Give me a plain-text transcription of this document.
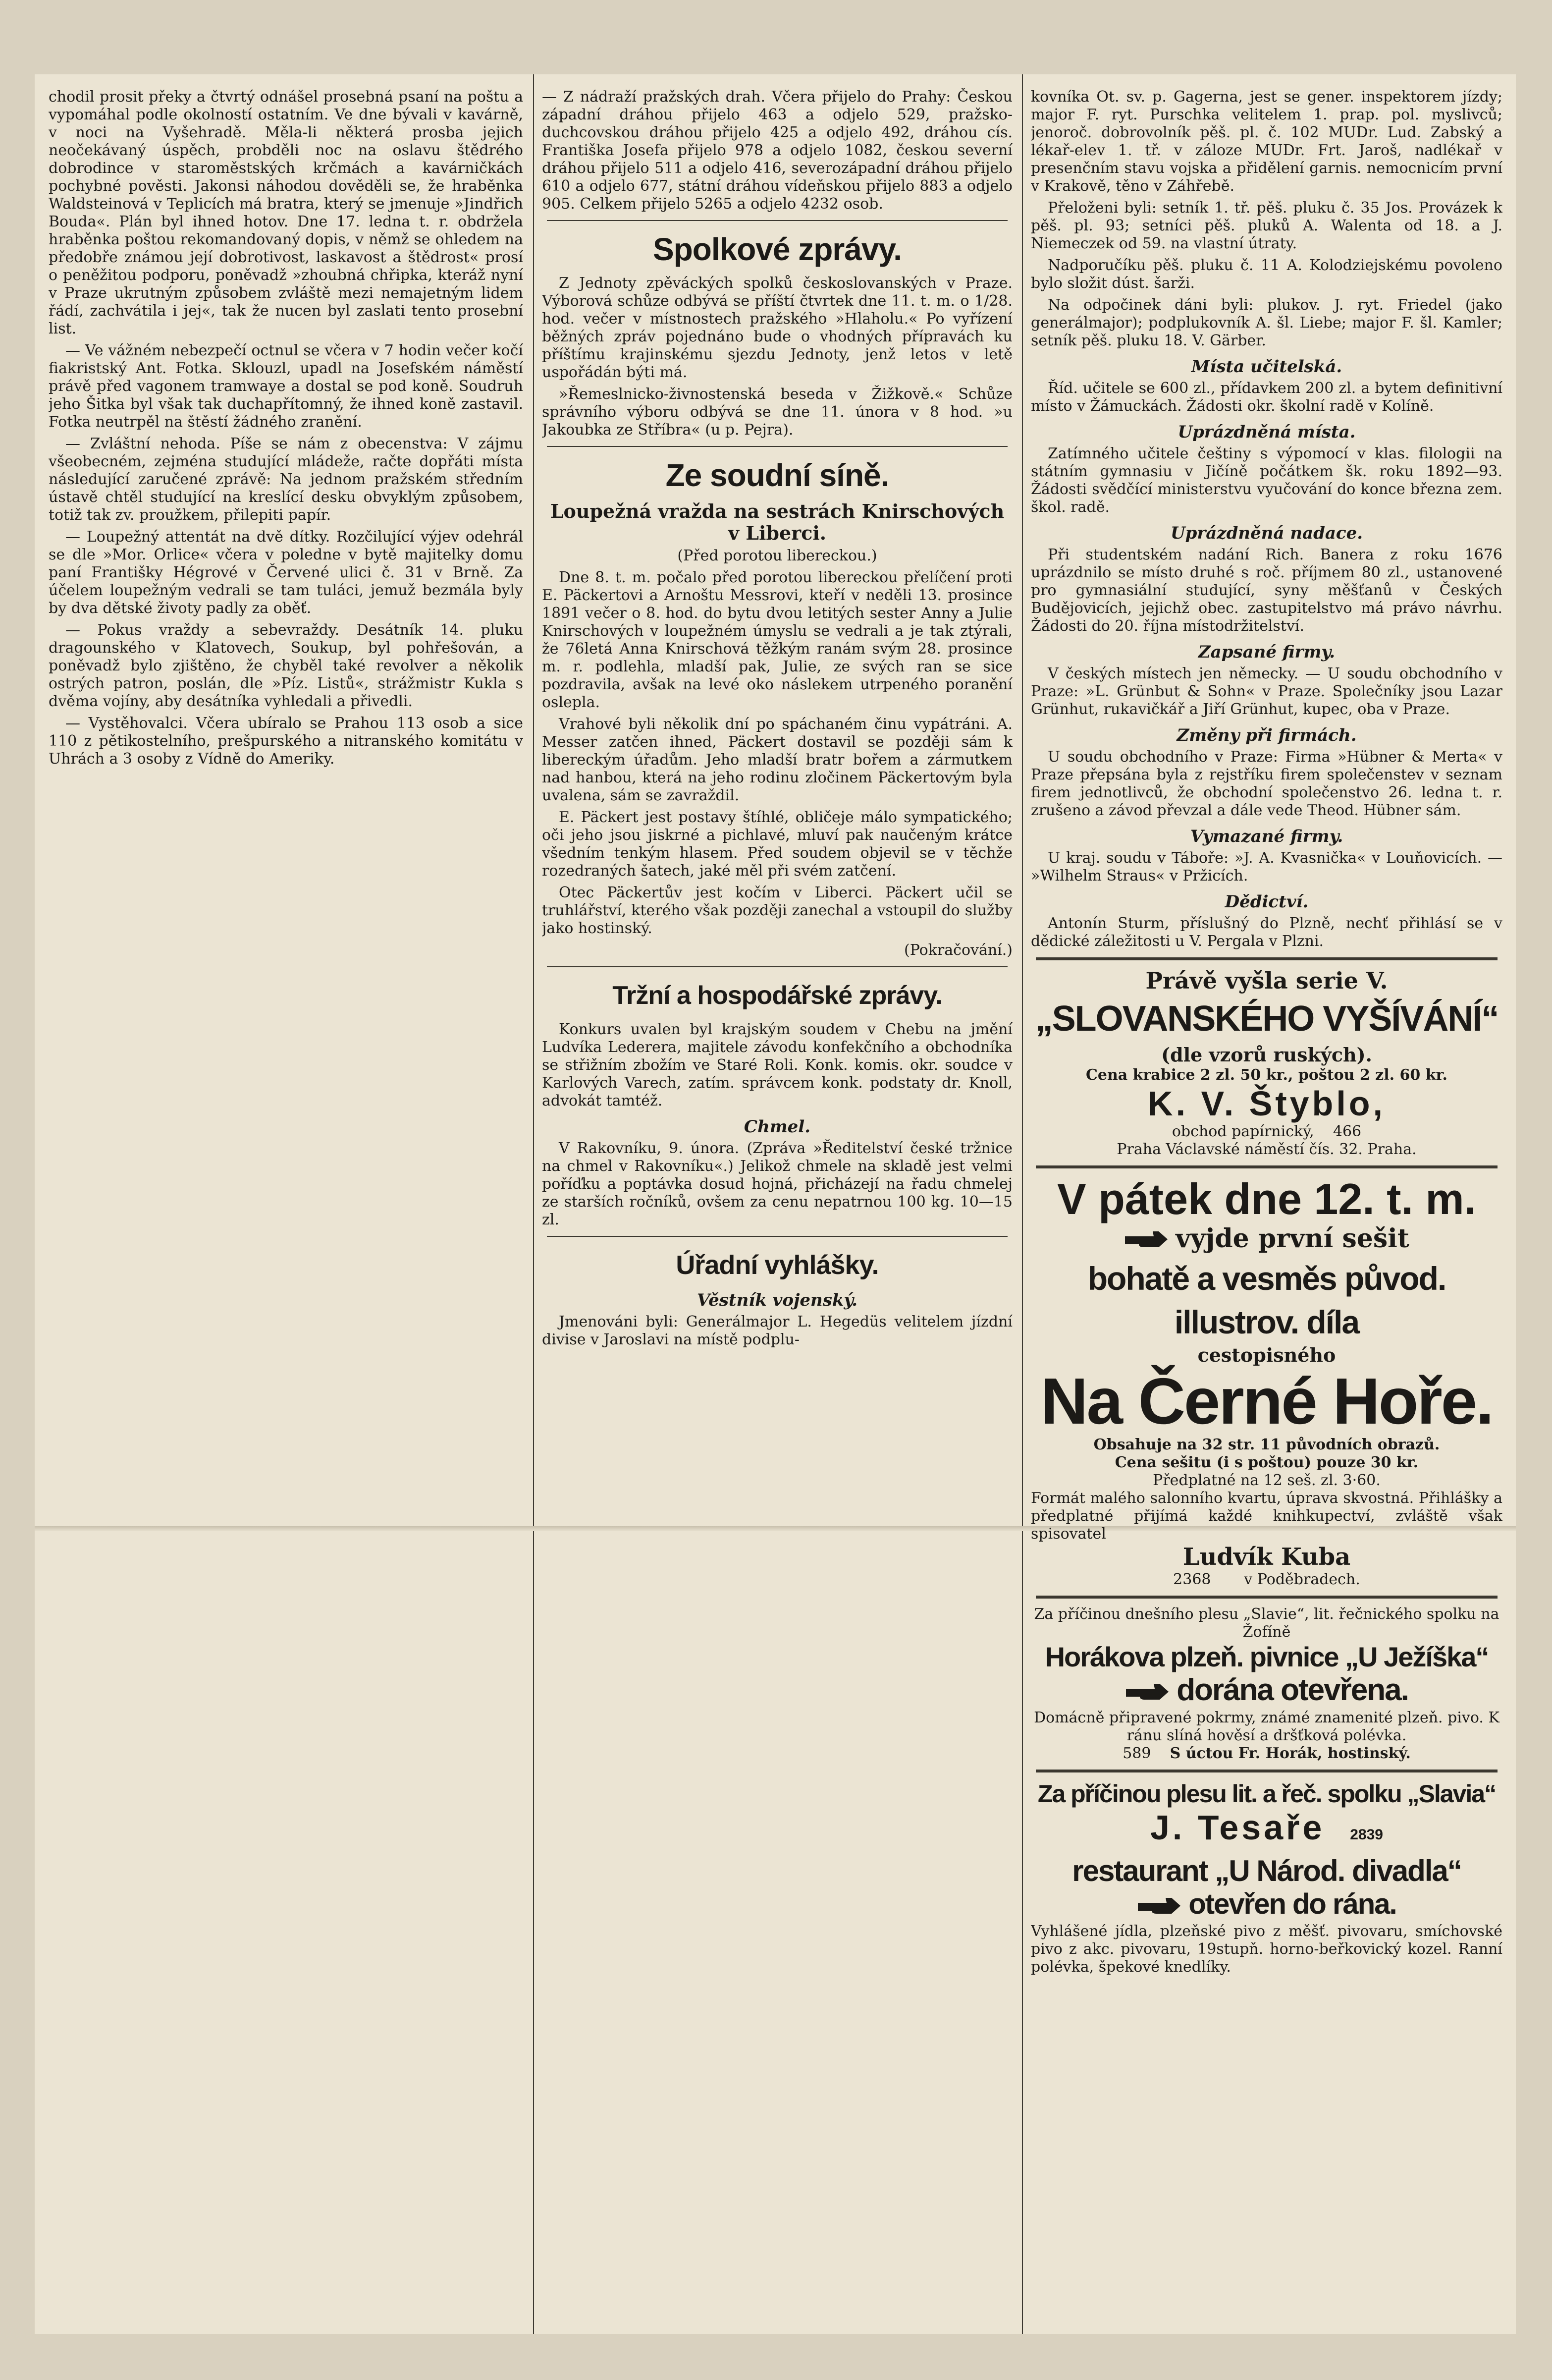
chodil prosit překy a čtvrtý odnášel prosebná psaní na poštu a vypomáhal podle okolností ostatním. Ve dne bývali v kavárně, v noci na Vyšehradě. Měla-li některá prosba jejich neočekávaný úspěch, probděli noc na oslavu štědrého dobrodince v staroměstských krčmách a kavárničkách pochybné pověsti. Jakonsi náhodou dověděli se, že hraběnka Waldsteinová v Teplicích má bratra, který se jmenuje »Jindřich Bouda«. Plán byl ihned hotov. Dne 17. ledna t. r. obdržela hraběnka poštou rekomandovaný dopis, v němž se ohledem na předobře známou její dobrotivost, laskavost a štědrost« prosí o peněžitou podporu, poněvadž »zhoubná chřipka, kteráž nyní v Praze ukrutným způsobem zvláště mezi nemajetným lidem řádí, zachvátila i jej«, tak že nucen byl zaslati tento prosební list.

— Ve vážném nebezpečí octnul se včera v 7 hodin večer kočí fiakristský Ant. Fotka. Sklouzl, upadl na Josefském náměstí právě před vagonem tramwaye a dostal se pod koně. Soudruh jeho Šitka byl však tak duchapřítomný, že ihned koně zastavil. Fotka neutrpěl na štěstí žádného zranění.

— Zvláštní nehoda. Píše se nám z obecenstva: V zájmu všeobecném, zejména studující mládeže, račte dopřáti místa následující zaručené zprávě: Na jednom pražském středním ústavě chtěl studující na kreslící desku obvyklým způsobem, totiž tak zv. proužkem, přilepiti papír.

— Loupežný attentát na dvě dítky. Rozčilující výjev odehrál se dle »Mor. Orlice« včera v poledne v bytě majitelky domu paní Františky Hégrové v Červené ulici č. 31 v Brně. Za účelem loupežným vedrali se tam tuláci, jemuž bezmála byly by dva dětské životy padly za oběť.

— Pokus vraždy a sebevraždy. Desátník 14. pluku dragounského v Klatovech, Soukup, byl pohřešován, a poněvadž bylo zjištěno, že chyběl také revolver a několik ostrých patron, poslán, dle »Píz. Listů«, strážmistr Kukla s dvěma vojíny, aby desátníka vyhledali a přivedli.

— Vystěhovalci. Včera ubíralo se Prahou 113 osob a sice 110 z pětikostelního, prešpurského a nitranského komitátu v Uhrách a 3 osoby z Vídně do Ameriky.

— Z nádraží pražských drah. Včera přijelo do Prahy: Českou západní dráhou přijelo 463 a odjelo 529, pražsko-duchcovskou dráhou přijelo 425 a odjelo 492, dráhou cís. Františka Josefa přijelo 978 a odjelo 1082, českou severní dráhou přijelo 511 a odjelo 416, severozápadní dráhou přijelo 610 a odjelo 677, státní dráhou vídeňskou přijelo 883 a odjelo 905. Celkem přijelo 5265 a odjelo 4232 osob.

Spolkové zprávy.

Z Jednoty zpěváckých spolků českoslovanských v Praze. Výborová schůze odbývá se příští čtvrtek dne 11. t. m. o 1/28. hod. večer v místnostech pražského »Hlaholu.« Po vyřízení běžných zpráv pojednáno bude o vhodných přípravách ku příštímu krajinskému sjezdu Jednoty, jenž letos v letě uspořádán býti má.

»Řemeslnicko-živnostenská beseda v Žižkově.« Schůze správního výboru odbývá se dne 11. února v 8 hod. »u Jakoubka ze Stříbra« (u p. Pejra).

Ze soudní síně.
Loupežná vražda na sestrách Knirschových v Liberci.

(Před porotou libereckou.)

Dne 8. t. m. počalo před porotou libereckou přelíčení proti E. Päckertovi a Arnoštu Messrovi, kteří v neděli 13. prosince 1891 večer o 8. hod. do bytu dvou letitých sester Anny a Julie Knirschových v loupežném úmyslu se vedrali a je tak ztýrali, že 76letá Anna Knirschová těžkým ranám svým 28. prosince m. r. podlehla, mladší pak, Julie, ze svých ran se sice pozdravila, avšak na levé oko náslekem utrpeného poranění oslepla.

Vrahové byli několik dní po spáchaném činu vypátráni. A. Messer zatčen ihned, Päckert dostavil se později sám k libereckým úřadům. Jeho mladší bratr bořem a zármutkem nad hanbou, která na jeho rodinu zločinem Päckertovým byla uvalena, sám se zavraždil.

E. Päckert jest postavy štíhlé, obličeje málo sympatického; oči jeho jsou jiskrné a pichlavé, mluví pak naučeným krátce všedním tenkým hlasem. Před soudem objevil se v těchže rozedraných šatech, jaké měl při svém zatčení.

Otec Päckertův jest kočím v Liberci. Päckert učil se truhlářství, kterého však později zanechal a vstoupil do služby jako hostinský.

(Pokračování.)

Tržní a hospodářské zprávy.

Konkurs uvalen byl krajským soudem v Chebu na jmění Ludvíka Lederera, majitele závodu konfekčního a obchodníka se střižním zbožím ve Staré Roli. Konk. komis. okr. soudce v Karlových Varech, zatím. správcem konk. podstaty dr. Knoll, advokát tamtéž.

Chmel.

V Rakovníku, 9. února. (Zpráva »Ředitelství české tržnice na chmel v Rakovníku«.) Jelikož chmele na skladě jest velmi poříďku a poptávka dosud hojná, přicházejí na řadu chmelej ze starších ročníků, ovšem za cenu nepatrnou 100 kg. 10—15 zl.

Úřadní vyhlášky.
Věstník vojenský.

Jmenováni byli: Generálmajor L. Hegedüs velitelem jízdní divise v Jaroslavi na místě podplu-

kovníka Ot. sv. p. Gagerna, jest se gener. inspektorem jízdy; major F. ryt. Purschka velitelem 1. prap. pol. myslivců; jenoroč. dobrovolník pěš. pl. č. 102 MUDr. Lud. Zabský a lékař-elev 1. tř. v záloze MUDr. Frt. Jaroš, nadlékař v presenčním stavu vojska a přidělení garnis. nemocnicím první v Krakově, těno v Záhřebě.

Přeloženi byli: setník 1. tř. pěš. pluku č. 35 Jos. Provázek k pěš. pl. 93; setníci pěš. pluků A. Walenta od 18. a J. Niemeczek od 59. na vlastní útraty.

Nadporučíku pěš. pluku č. 11 A. Kolodziejskému povoleno bylo složit dúst. šarži.

Na odpočinek dáni byli: plukov. J. ryt. Friedel (jako generálmajor); podplukovník A. šl. Liebe; major F. šl. Kamler; setník pěš. pluku 18. V. Gärber.

Místa učitelská.

Říd. učitele se 600 zl., přídavkem 200 zl. a bytem definitivní místo v Žámuckách. Žádosti okr. školní radě v Kolíně.

Uprázdněná místa.

Zatímného učitele češtiny s výpomocí v klas. filologii na státním gymnasiu v Jičíně počátkem šk. roku 1892—93. Žádosti svědčící ministerstvu vyučování do konce března zem. škol. radě.

Uprázdněná nadace.

Při studentském nadání Rich. Banera z roku 1676 uprázdnilo se místo druhé s roč. příjmem 80 zl., ustanovené pro gymnasiální studující, syny měšťanů v Českých Budějovicích, jejichž obec. zastupitelstvo má právo návrhu. Žádosti do 20. října místodržitelství.

Zapsané firmy.

V českých místech jen německy. — U soudu obchodního v Praze: »L. Grünbut & Sohn« v Praze. Společníky jsou Lazar Grünhut, rukavičkář a Jiří Grünhut, kupec, oba v Praze.

Změny při firmách.

U soudu obchodního v Praze: Firma »Hübner & Merta« v Praze přepsána byla z rejstříku firem společenstev v seznam firem jednotlivců, že obchodní společenstvo 26. ledna t. r. zrušeno a závod převzal a dále vede Theod. Hübner sám.

Vymazané firmy.

U kraj. soudu v Táboře: »J. A. Kvasnička« v Louňovicích. — »Wilhelm Straus« v Pržicích.

Dědictví.

Antonín Sturm, příslušný do Plzně, nechť přihlásí se v dědické záležitosti u V. Pergala v Plzni.

Právě vyšla serie V.
„SLOVANSKÉHO VYŠÍVÁNÍ“
(dle vzorů ruských).
Cena krabice 2 zl. 50 kr., poštou 2 zl. 60 kr.
K. V. Štyblo,
obchod papírnický, 466
Praha Václavské náměstí čís. 32. Praha.
V pátek dne 12. t. m.
vyjde první sešit
bohatě a vesměs původ. illustrov. díla
cestopisného
Na Černé Hoře.
Obsahuje na 32 str. 11 původních obrazů.
Cena sešitu (i s poštou) pouze 30 kr.
Předplatné na 12 seš. zl. 3·60.
Formát malého salonního kvartu, úprava skvostná. Přihlášky a předplatné přijímá každé knihkupectví, zvláště však spisovatel
Ludvík Kuba
2368 v Poděbradech.
Za příčinou dnešního plesu „Slavie“, lit. řečnického spolku na Žofíně
Horákova plzeň. pivnice „U Ježíška“
dorána otevřena.
Domácně připravené pokrmy, známé znamenité plzeň. pivo. K ránu slíná hověsí a dršťková polévka.
589 S úctou Fr. Horák, hostinský.
Za příčinou plesu lit. a řeč. spolku „Slavia“
J. Tesaře 2839
restaurant „U Národ. divadla“
otevřen do rána.
Vyhlášené jídla, plzeňské pivo z měšť. pivovaru, smíchovské pivo z akc. pivovaru, 19stupň. horno-beřkovický kozel. Ranní polévka, špekové knedlíky.
